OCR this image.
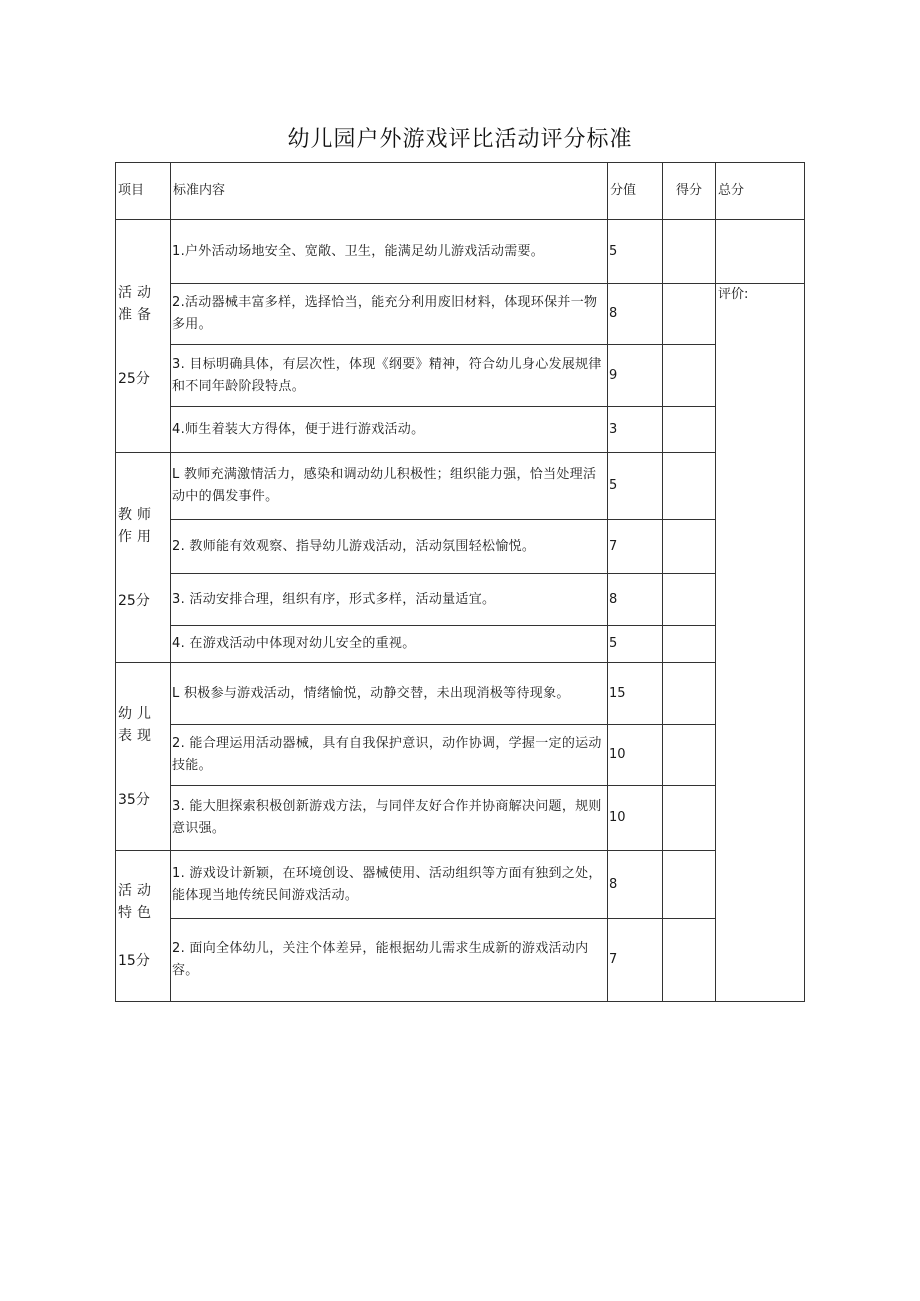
幼儿园户外游戏评比活动评分标准
项目	标准内容	分值	得分	总分

活动准备
25分	1.户外活动场地安全、宽敞、卫生，能满足幼儿游戏活动需要。	5		
	2.活动器械丰富多样，选择恰当，能充分利用废旧材料，体现环保并一物多用。	8		评价:
	3. 目标明确具体，有层次性，体现《纲要》精神，符合幼儿身心发展规律和不同年龄阶段特点。	9		
	4.师生着装大方得体，便于进行游戏活动。	3		

教师作用
25分	L 教师充满激情活力，感染和调动幼儿积极性；组织能力强，恰当处理活动中的偶发事件。	5		
	2. 教师能有效观察、指导幼儿游戏活动，活动氛围轻松愉悦。	7		
	3. 活动安排合理，组织有序，形式多样，活动量适宜。	8		
	4. 在游戏活动中体现对幼儿安全的重视。	5		

幼儿表现
35分	L 积极参与游戏活动，情绪愉悦，动静交替，未出现消极等待现象。	15		
	2. 能合理运用活动器械，具有自我保护意识，动作协调，学握一定的运动技能。	10		
	3. 能大胆探索积极创新游戏方法，与同伴友好合作并协商解决问题，规则意识强。	10		

活动特色
15分	1. 游戏设计新颖，在环境创设、器械使用、活动组织等方面有独到之处，能体现当地传统民间游戏活动。	8		
	2. 面向全体幼儿，关注个体差异，能根据幼儿需求生成新的游戏活动内容。	7		
